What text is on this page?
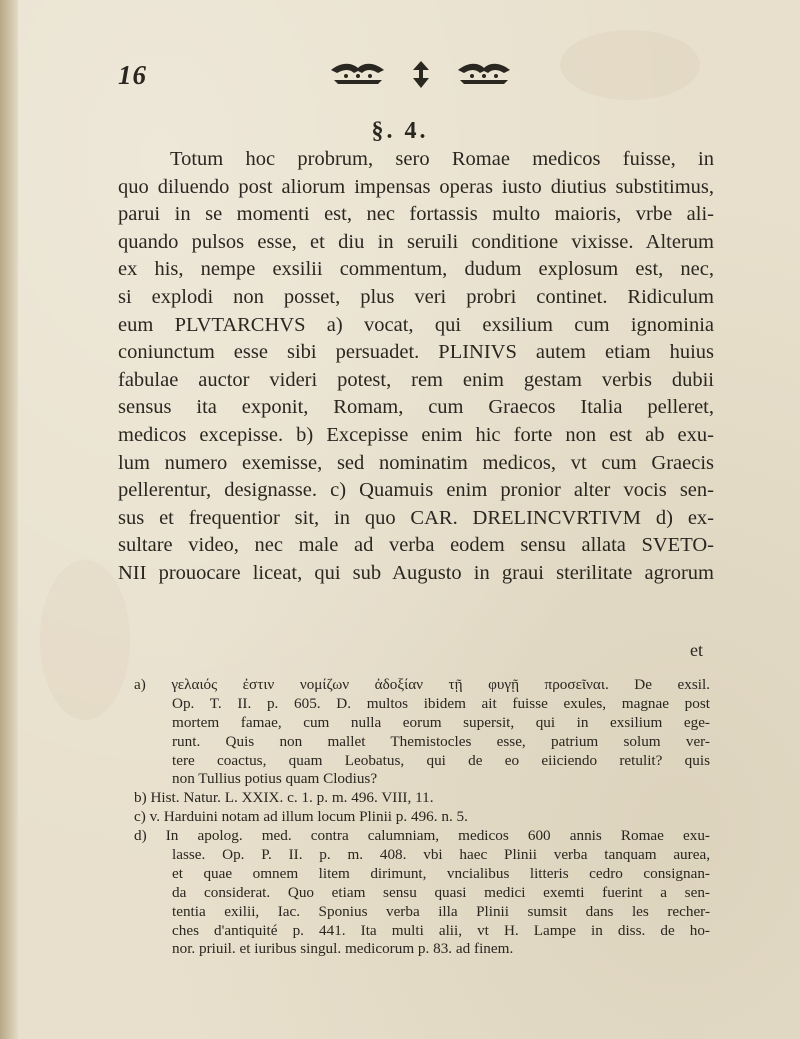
16
§. 4.
Totum hoc probrum, sero Romae medicos fuisse, in
quo diluendo post aliorum impensas operas iusto diutius substitimus,
parui in se momenti est, nec fortassis multo maioris, vrbe ali-
quando pulsos esse, et diu in seruili conditione vixisse. Alterum
ex his, nempe exsilii commentum, dudum explosum est, nec,
si explodi non posset, plus veri probri continet. Ridiculum
eum PLVTARCHVS a) vocat, qui exsilium cum ignominia
coniunctum esse sibi persuadet. PLINIVS autem etiam huius
fabulae auctor videri potest, rem enim gestam verbis dubii
sensus ita exponit, Romam, cum Graecos Italia pelleret,
medicos excepisse. b) Excepisse enim hic forte non est ab exu-
lum numero exemisse, sed nominatim medicos, vt cum Graecis
pellerentur, designasse. c) Quamuis enim pronior alter vocis sen-
sus et frequentior sit, in quo CAR. DRELINCVRTIVM d) ex-
sultare video, nec male ad verba eodem sensu allata SVETO-
NII prouocare liceat, qui sub Augusto in graui sterilitate agrorum
et
a) γελαιός ἐστιν νομίζων ἀδοξίαν τῇ φυγῇ προσεῖναι. De exsil.
Op. T. II. p. 605. D. multos ibidem ait fuisse exules, magnae post
mortem famae, cum nulla eorum supersit, qui in exsilium ege-
runt. Quis non mallet Themistocles esse, patrium solum ver-
tere coactus, quam Leobatus, qui de eo eiiciendo retulit? quis
non Tullius potius quam Clodius?
b) Hist. Natur. L. XXIX. c. 1. p. m. 496. VIII, 11.
c) v. Harduini notam ad illum locum Plinii p. 496. n. 5.
d) In apolog. med. contra calumniam, medicos 600 annis Romae exu-
lasse. Op. P. II. p. m. 408. vbi haec Plinii verba tanquam aurea,
et quae omnem litem dirimunt, vncialibus litteris cedro consignan-
da considerat. Quo etiam sensu quasi medici exemti fuerint a sen-
tentia exilii, Iac. Sponius verba illa Plinii sumsit dans les recher-
ches d'antiquité p. 441. Ita multi alii, vt H. Lampe in diss. de ho-
nor. priuil. et iuribus singul. medicorum p. 83. ad finem.
